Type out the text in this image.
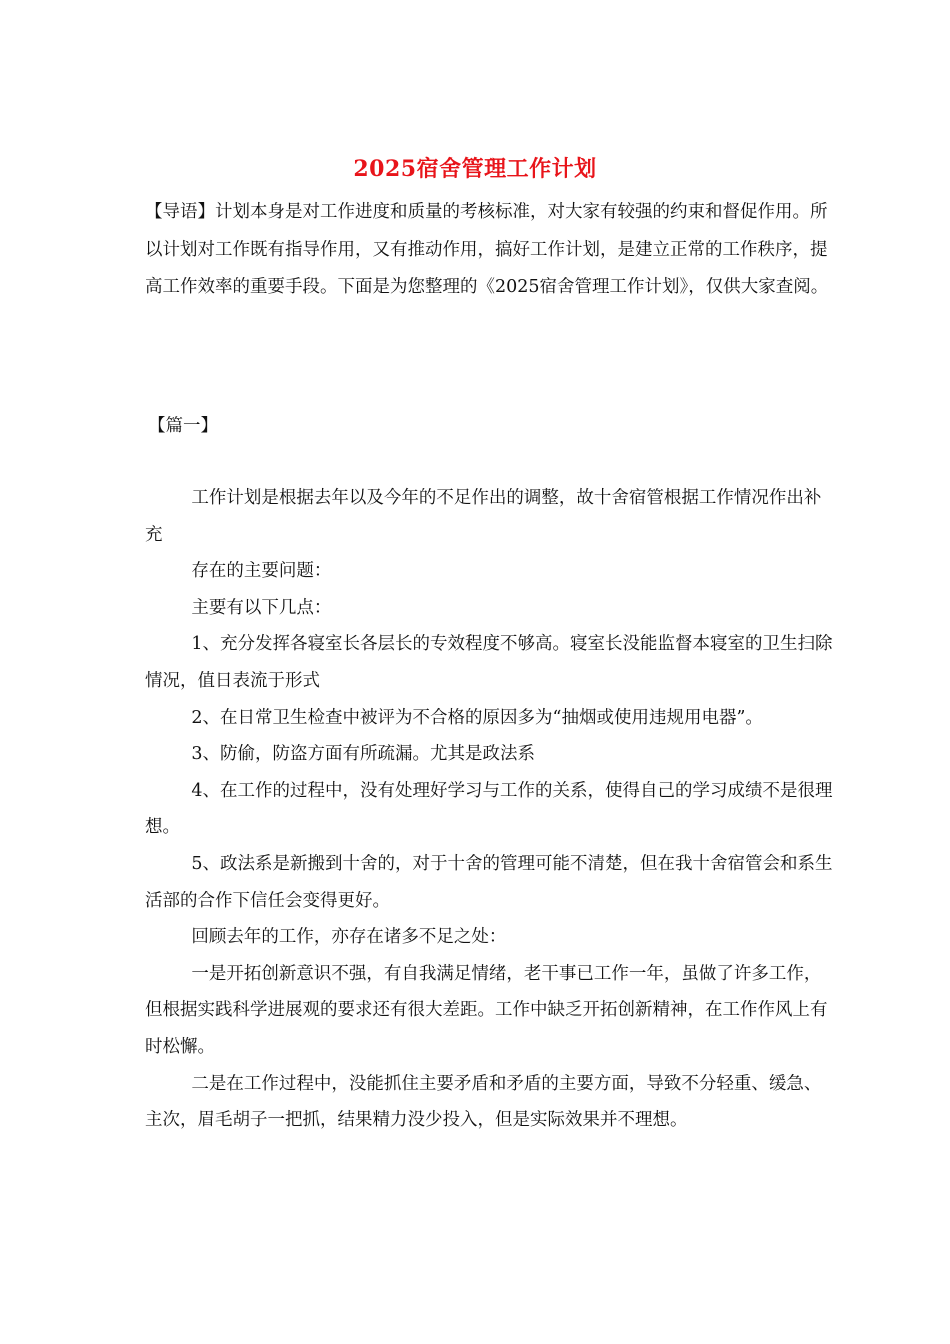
2025宿舍管理工作计划
【导语】计划本身是对工作进度和质量的考核标准，对大家有较强的约束和督促作用。所以计划对工作既有指导作用，又有推动作用，搞好工作计划，是建立正常的工作秩序，提高工作效率的重要手段。下面是为您整理的《2025宿舍管理工作计划》，仅供大家查阅。
【篇一】

工作计划是根据去年以及今年的不足作出的调整，故十舍宿管根据工作情况作出补充

存在的主要问题：

主要有以下几点：

1、充分发挥各寝室长各层长的专效程度不够高。寝室长没能监督本寝室的卫生扫除情况，值日表流于形式

2、在日常卫生检查中被评为不合格的原因多为“抽烟或使用违规用电器”。

3、防偷，防盗方面有所疏漏。尤其是政法系

4、在工作的过程中，没有处理好学习与工作的关系，使得自己的学习成绩不是很理想。

5、政法系是新搬到十舍的，对于十舍的管理可能不清楚，但在我十舍宿管会和系生活部的合作下信任会变得更好。

回顾去年的工作，亦存在诸多不足之处：

一是开拓创新意识不强，有自我满足情绪，老干事已工作一年，虽做了许多工作，但根据实践科学进展观的要求还有很大差距。工作中缺乏开拓创新精神，在工作作风上有时松懈。

二是在工作过程中，没能抓住主要矛盾和矛盾的主要方面，导致不分轻重、缓急、主次，眉毛胡子一把抓，结果精力没少投入，但是实际效果并不理想。
